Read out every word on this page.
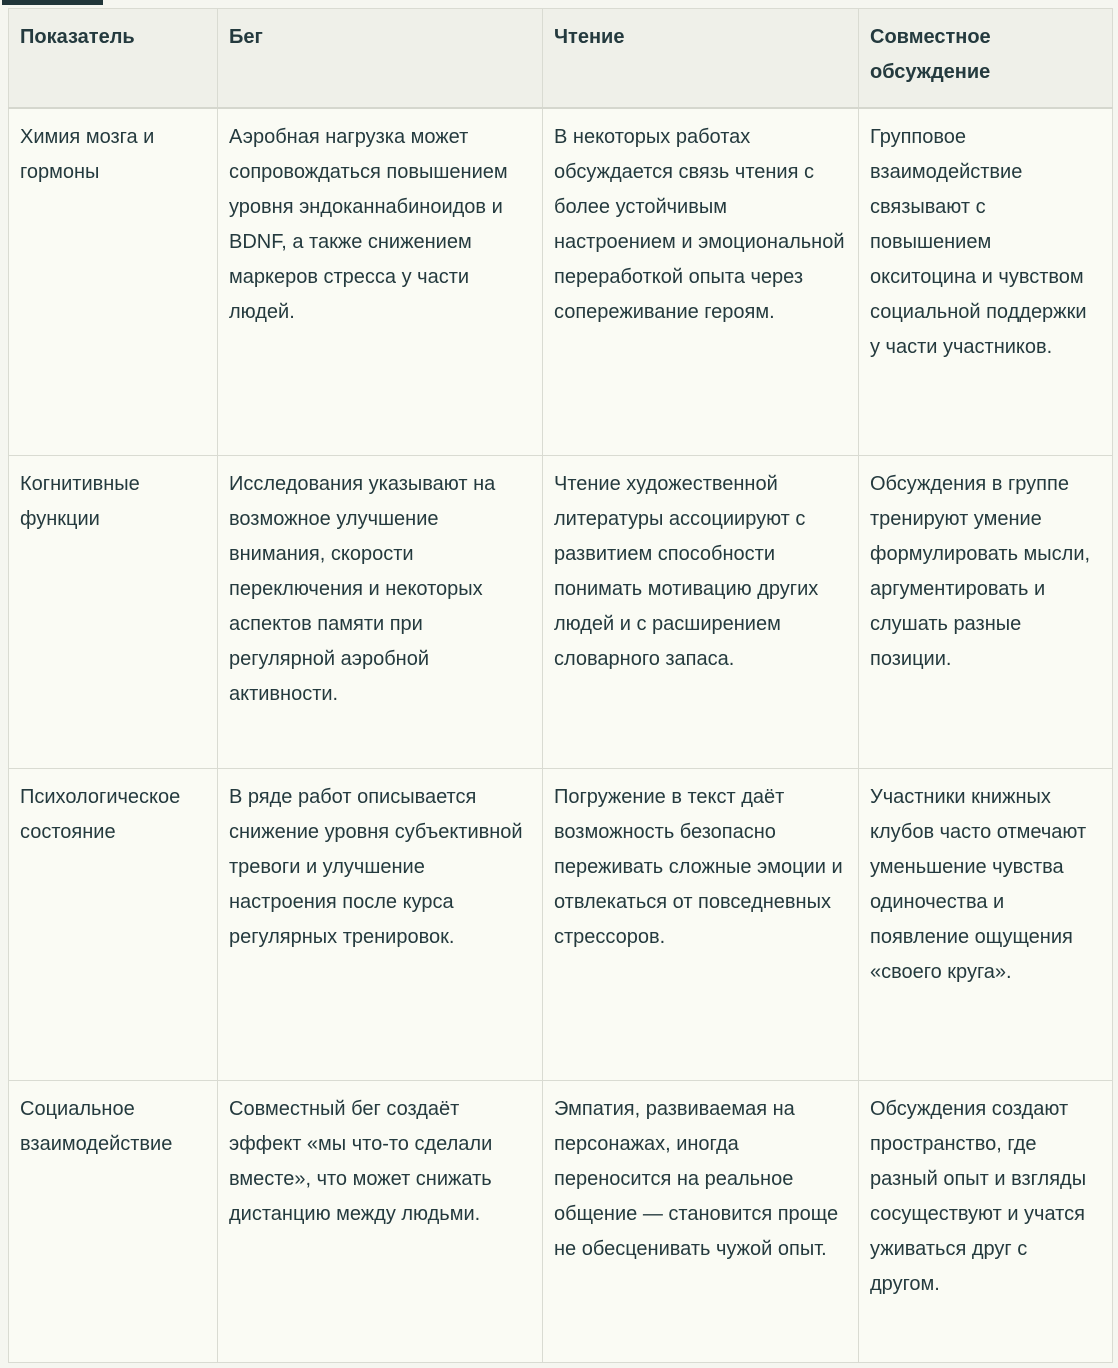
Показатель	Бег	Чтение	Совместное обсуждение
Химия мозга и гормоны	Аэробная нагрузка может сопровождаться повышением уровня эндоканнабиноидов и BDNF, а также снижением маркеров стресса у части людей.	В некоторых работах обсуждается связь чтения с более устойчивым настроением и эмоциональной переработкой опыта через сопереживание героям.	Групповое взаимодействие связывают с повышением окситоцина и чувством социальной поддержки у части участников.
Когнитивные функции	Исследования указывают на возможное улучшение внимания, скорости переключения и некоторых аспектов памяти при регулярной аэробной активности.	Чтение художественной литературы ассоциируют с развитием способности понимать мотивацию других людей и с расширением словарного запаса.	Обсуждения в группе тренируют умение формулировать мысли, аргументировать и слушать разные позиции.
Психологическое состояние	В ряде работ описывается снижение уровня субъективной тревоги и улучшение настроения после курса регулярных тренировок.	Погружение в текст даёт возможность безопасно переживать сложные эмоции и отвлекаться от повседневных стрессоров.	Участники книжных клубов часто отмечают уменьшение чувства одиночества и появление ощущения «своего круга».
Социальное взаимодействие	Совместный бег создаёт эффект «мы что-то сделали вместе», что может снижать дистанцию между людьми.	Эмпатия, развиваемая на персонажах, иногда переносится на реальное общение — становится проще не обесценивать чужой опыт.	Обсуждения создают пространство, где разный опыт и взгляды сосуществуют и учатся уживаться друг с другом.
